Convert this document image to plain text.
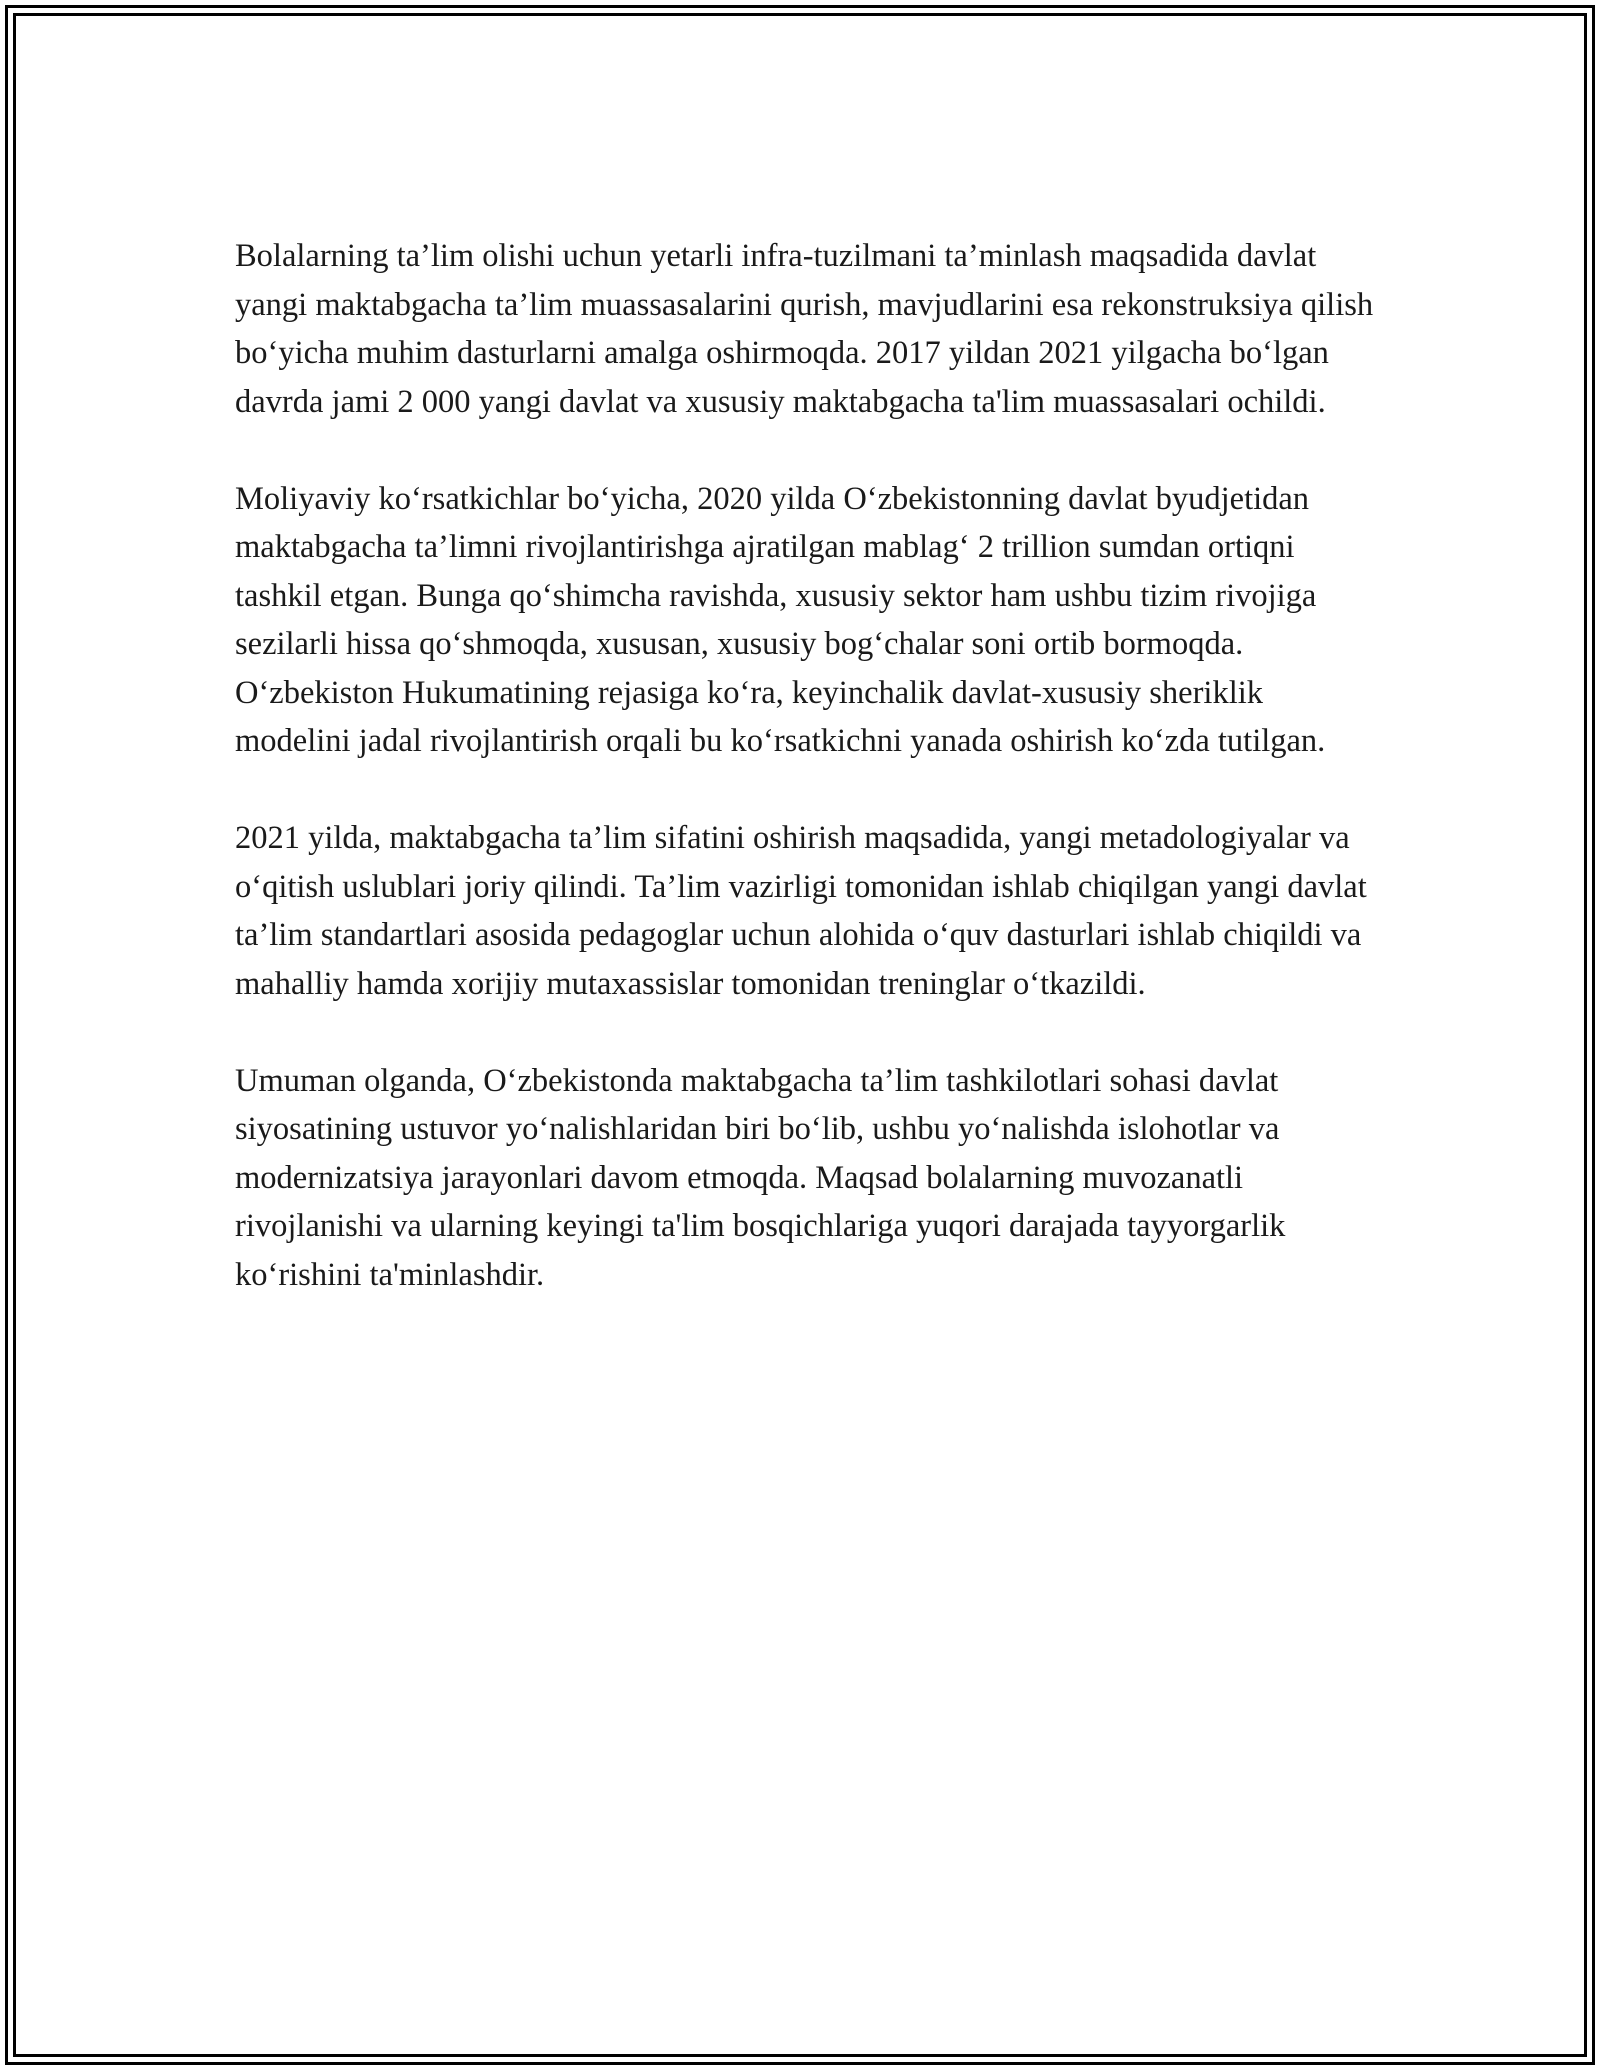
Bolalarning ta’lim olishi uchun yetarli infra-tuzilmani ta’minlash maqsadida davlat yangi maktabgacha ta’lim muassasalarini qurish, mavjudlarini esa rekonstruksiya qilish bo‘yicha muhim dasturlarni amalga oshirmoqda. 2017 yildan 2021 yilgacha bo‘lgan davrda jami 2 000 yangi davlat va xususiy maktabgacha ta'lim muassasalari ochildi.

Moliyaviy ko‘rsatkichlar bo‘yicha, 2020 yilda O‘zbekistonning davlat byudjetidan maktabgacha ta’limni rivojlantirishga ajratilgan mablag‘ 2 trillion sumdan ortiqni tashkil etgan. Bunga qo‘shimcha ravishda, xususiy sektor ham ushbu tizim rivojiga sezilarli hissa qo‘shmoqda, xususan, xususiy bog‘chalar soni ortib bormoqda. O‘zbekiston Hukumatining rejasiga ko‘ra, keyinchalik davlat-xususiy sheriklik modelini jadal rivojlantirish orqali bu ko‘rsatkichni yanada oshirish ko‘zda tutilgan.

2021 yilda, maktabgacha ta’lim sifatini oshirish maqsadida, yangi metadologiyalar va o‘qitish uslublari joriy qilindi. Ta’lim vazirligi tomonidan ishlab chiqilgan yangi davlat ta’lim standartlari asosida pedagoglar uchun alohida o‘quv dasturlari ishlab chiqildi va mahalliy hamda xorijiy mutaxassislar tomonidan treninglar o‘tkazildi.

Umuman olganda, O‘zbekistonda maktabgacha ta’lim tashkilotlari sohasi davlat siyosatining ustuvor yo‘nalishlaridan biri bo‘lib, ushbu yo‘nalishda islohotlar va modernizatsiya jarayonlari davom etmoqda. Maqsad bolalarning muvozanatli rivojlanishi va ularning keyingi ta'lim bosqichlariga yuqori darajada tayyorgarlik ko‘rishini ta'minlashdir.
